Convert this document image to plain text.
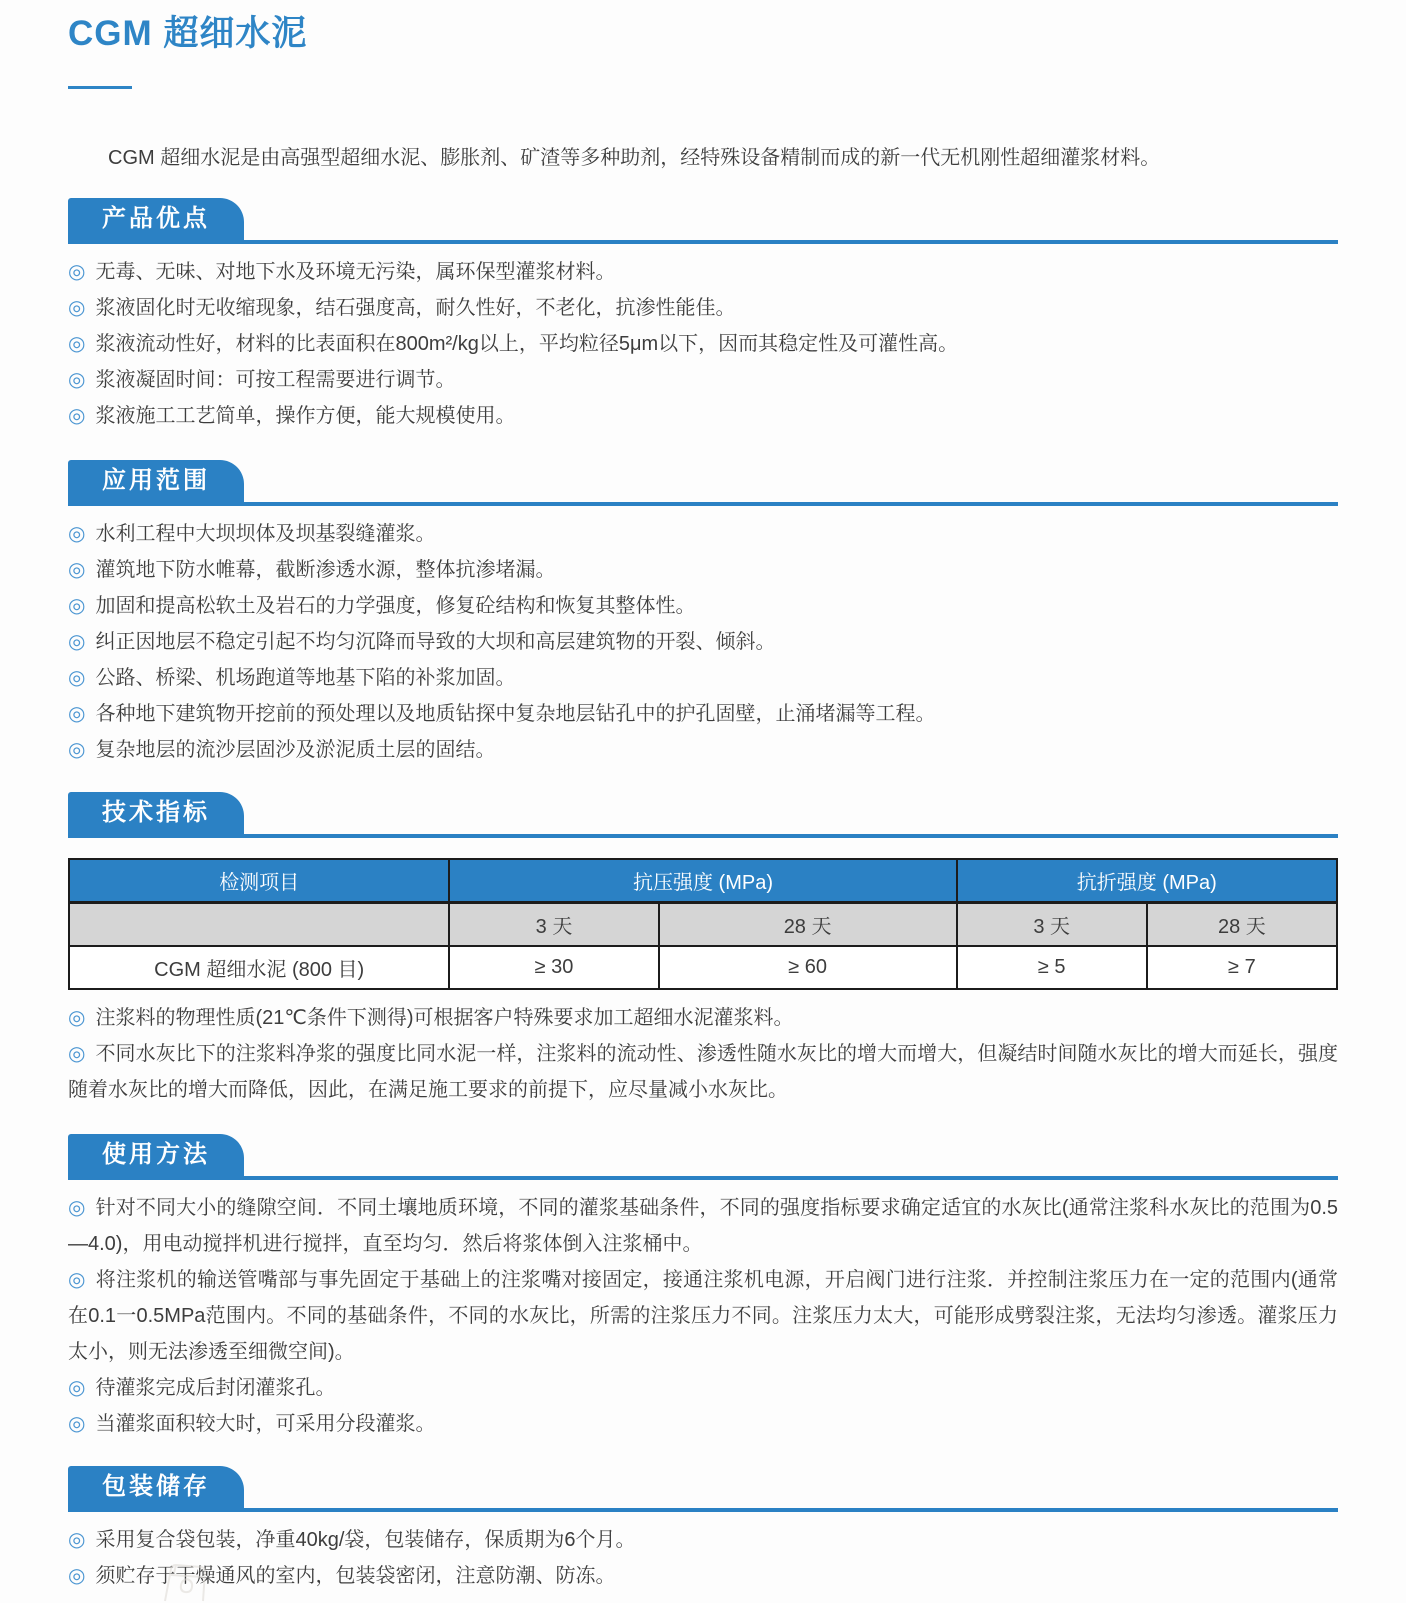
CGM 超细水泥

CGM 超细水泥是由高强型超细水泥、膨胀剂、矿渣等多种助剂，经特殊设备精制而成的新一代无机刚性超细灌浆材料。

产品优点

◎ 无毒、无味、对地下水及环境无污染，属环保型灌浆材料。

◎ 浆液固化时无收缩现象，结石强度高，耐久性好，不老化，抗渗性能佳。

◎ 浆液流动性好，材料的比表面积在800m²/kg以上，平均粒径5μm以下，因而其稳定性及可灌性高。

◎ 浆液凝固时间：可按工程需要进行调节。

◎ 浆液施工工艺简单，操作方便，能大规模使用。

应用范围

◎ 水利工程中大坝坝体及坝基裂缝灌浆。

◎ 灌筑地下防水帷幕，截断渗透水源，整体抗渗堵漏。

◎ 加固和提高松软土及岩石的力学强度，修复砼结构和恢复其整体性。

◎ 纠正因地层不稳定引起不均匀沉降而导致的大坝和高层建筑物的开裂、倾斜。

◎ 公路、桥梁、机场跑道等地基下陷的补浆加固。

◎ 各种地下建筑物开挖前的预处理以及地质钻探中复杂地层钻孔中的护孔固壁，止涌堵漏等工程。

◎ 复杂地层的流沙层固沙及淤泥质土层的固结。

技术指标
检测项目	抗压强度 (MPa)		抗折强度 (MPa)	
	3 天	28 天	3 天	28 天
CGM 超细水泥 (800 目)	≥ 30	≥ 60	≥ 5	≥ 7

◎ 注浆料的物理性质(21℃条件下测得)可根据客户特殊要求加工超细水泥灌浆料。

◎ 不同水灰比下的注浆料净浆的强度比同水泥一样，注浆料的流动性、渗透性随水灰比的增大而增大，但凝结时间随水灰比的增大而延长，强度随着水灰比的增大而降低，因此，在满足施工要求的前提下，应尽量减小水灰比。

使用方法

◎ 针对不同大小的缝隙空间．不同土壤地质环境，不同的灌浆基础条件，不同的强度指标要求确定适宜的水灰比(通常注浆科水灰比的范围为0.5—4.0)，用电动搅拌机进行搅拌，直至均匀．然后将浆体倒入注浆桶中。

◎ 将注浆机的输送管嘴部与事先固定于基础上的注浆嘴对接固定，接通注浆机电源，开启阀门进行注浆．并控制注浆压力在一定的范围内(通常在0.1一0.5MPa范围内。不同的基础条件，不同的水灰比，所需的注浆压力不同。注浆压力太大，可能形成劈裂注浆，无法均匀渗透。灌浆压力太小，则无法渗透至细微空间)。

◎ 待灌浆完成后封闭灌浆孔。

◎ 当灌浆面积较大时，可采用分段灌浆。

包装储存

◎ 采用复合袋包装，净重40kg/袋，包装储存，保质期为6个月。

◎ 须贮存于干燥通风的室内，包装袋密闭，注意防潮、防冻。
